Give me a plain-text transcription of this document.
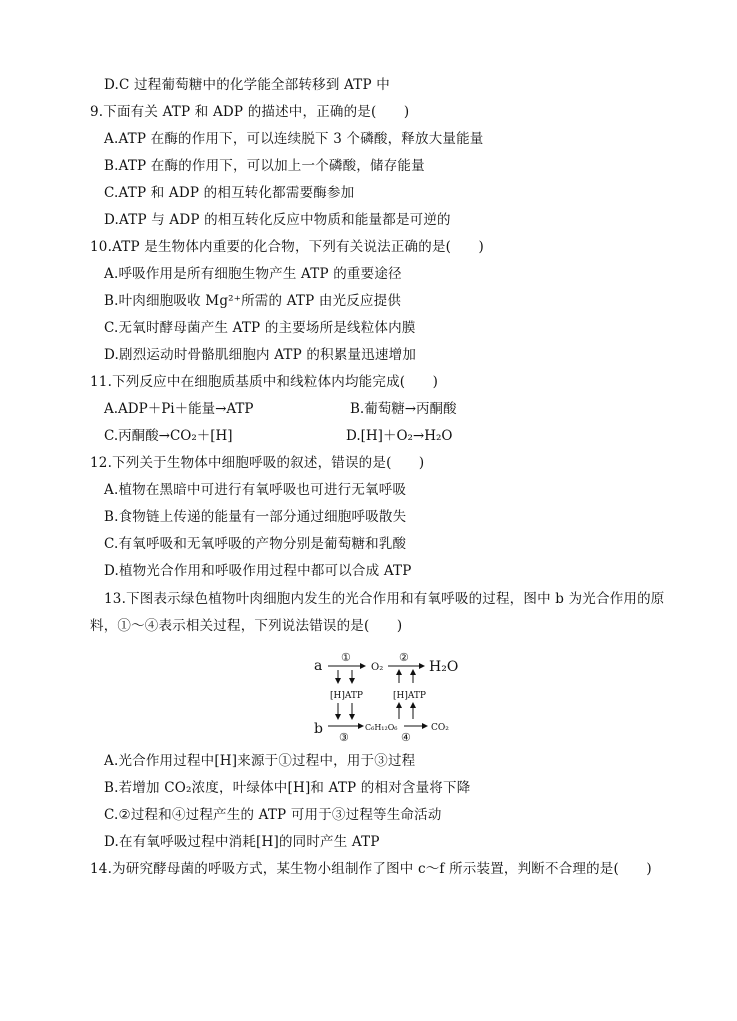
D.C 过程葡萄糖中的化学能全部转移到 ATP 中
9.下面有关 ATP 和 ADP 的描述中，正确的是(　　)
A.ATP 在酶的作用下，可以连续脱下 3 个磷酸，释放大量能量
B.ATP 在酶的作用下，可以加上一个磷酸，储存能量
C.ATP 和 ADP 的相互转化都需要酶参加
D.ATP 与 ADP 的相互转化反应中物质和能量都是可逆的
10.ATP 是生物体内重要的化合物，下列有关说法正确的是(　　)
A.呼吸作用是所有细胞生物产生 ATP 的重要途径
B.叶肉细胞吸收 Mg²⁺所需的 ATP 由光反应提供
C.无氧时酵母菌产生 ATP 的主要场所是线粒体内膜
D.剧烈运动时骨骼肌细胞内 ATP 的积累量迅速增加
11.下列反应中在细胞质基质中和线粒体内均能完成(　　)
A.ADP＋Pi＋能量→ATP	B.葡萄糖→丙酮酸
C.丙酮酸→CO₂＋[H]	D.[H]＋O₂→H₂O
12.下列关于生物体中细胞呼吸的叙述，错误的是(　　)
A.植物在黑暗中可进行有氧呼吸也可进行无氧呼吸
B.食物链上传递的能量有一部分通过细胞呼吸散失
C.有氧呼吸和无氧呼吸的产物分别是葡萄糖和乳酸
D.植物光合作用和呼吸作用过程中都可以合成 ATP
13.下图表示绿色植物叶肉细胞内发生的光合作用和有氧呼吸的过程，图中 b 为光合作用的原料，①～④表示相关过程，下列说法错误的是(　　)
a
①
O₂
②
H₂O
[H]ATP	[H]ATP
b
③
C₆H₁₂O₆
④
CO₂
A.光合作用过程中[H]来源于①过程中，用于③过程
B.若增加 CO₂浓度，叶绿体中[H]和 ATP 的相对含量将下降
C.②过程和④过程产生的 ATP 可用于③过程等生命活动
D.在有氧呼吸过程中消耗[H]的同时产生 ATP
14.为研究酵母菌的呼吸方式，某生物小组制作了图中 c～f 所示装置，判断不合理的是(　　)
